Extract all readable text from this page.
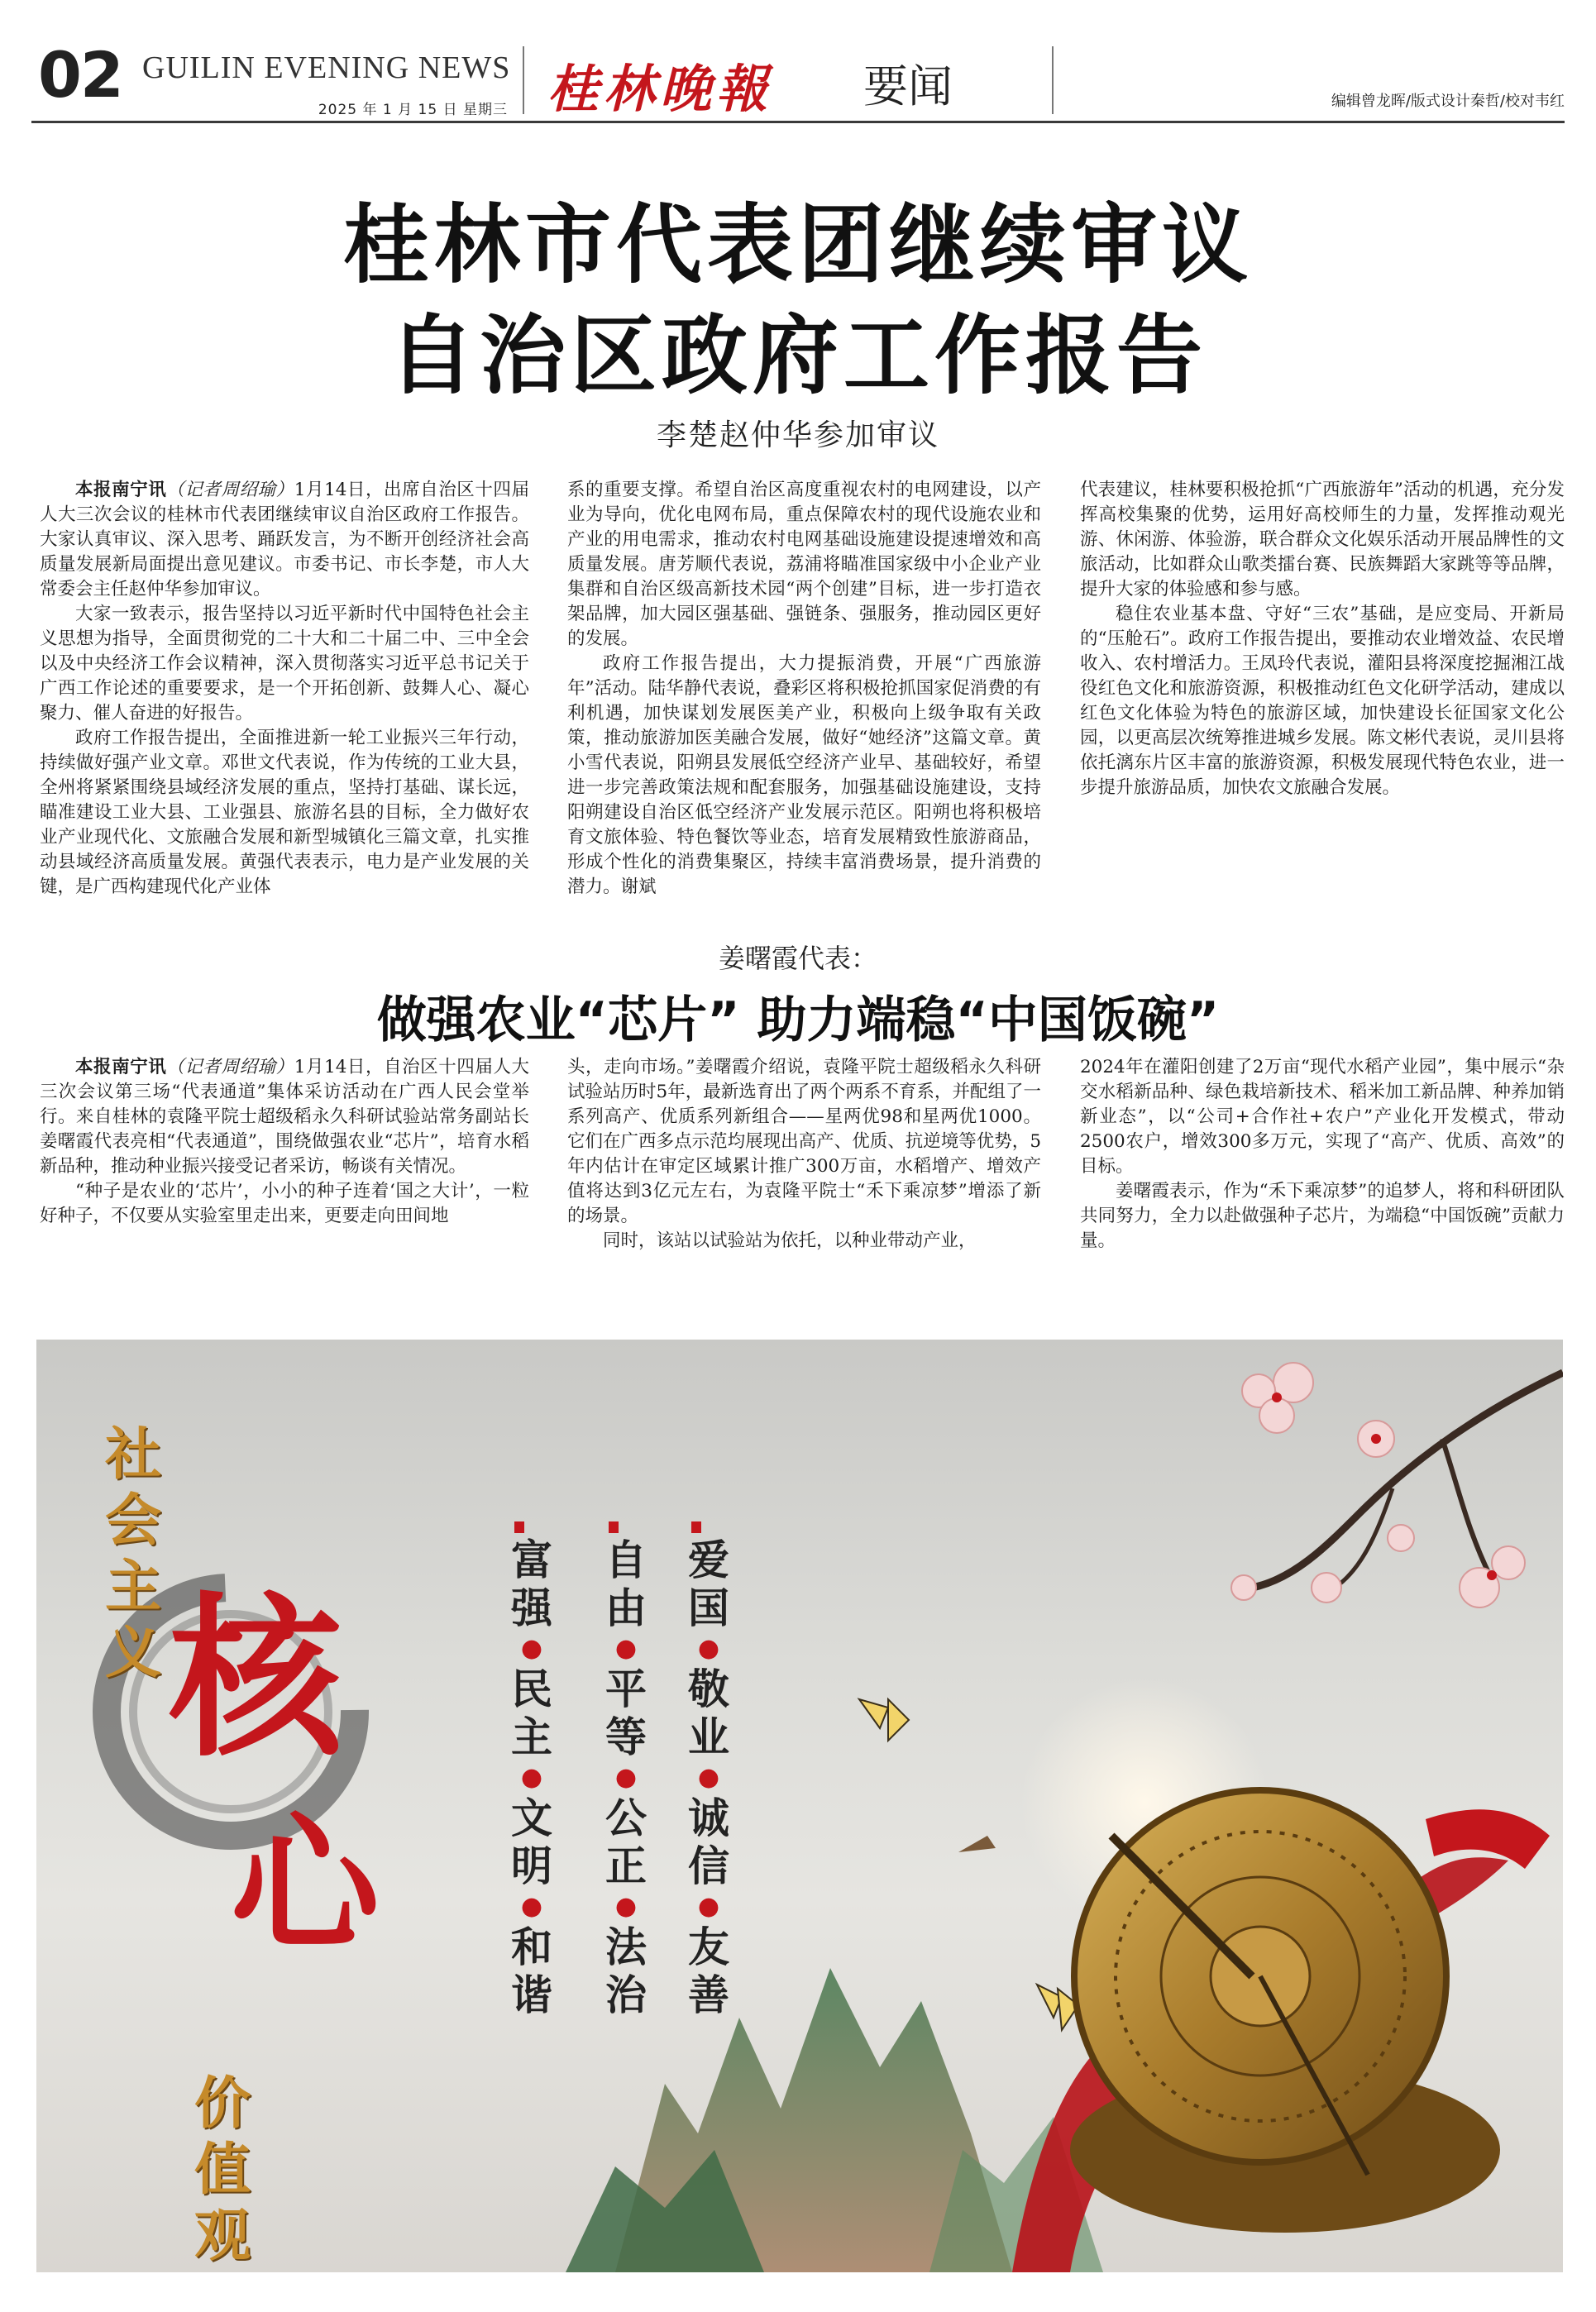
02 GUILIN EVENING NEWS
2025 年 1 月 15 日 星期三 桂林晚報 要闻	编辑曾龙晖/版式设计秦哲/校对韦红
桂林市代表团继续审议
自治区政府工作报告
李楚赵仲华参加审议

本报南宁讯（记者周绍瑜）1月14日，出席自治区十四届人大三次会议的桂林市代表团继续审议自治区政府工作报告。大家认真审议、深入思考、踊跃发言，为不断开创经济社会高质量发展新局面提出意见建议。市委书记、市长李楚，市人大常委会主任赵仲华参加审议。

大家一致表示，报告坚持以习近平新时代中国特色社会主义思想为指导，全面贯彻党的二十大和二十届二中、三中全会以及中央经济工作会议精神，深入贯彻落实习近平总书记关于广西工作论述的重要要求，是一个开拓创新、鼓舞人心、凝心聚力、催人奋进的好报告。

政府工作报告提出，全面推进新一轮工业振兴三年行动，持续做好强产业文章。邓世文代表说，作为传统的工业大县，全州将紧紧围绕县域经济发展的重点，坚持打基础、谋长远，瞄准建设工业大县、工业强县、旅游名县的目标，全力做好农业产业现代化、文旅融合发展和新型城镇化三篇文章，扎实推动县域经济高质量发展。黄强代表表示，电力是产业发展的关键，是广西构建现代化产业体

系的重要支撑。希望自治区高度重视农村的电网建设，以产业为导向，优化电网布局，重点保障农村的现代设施农业和产业的用电需求，推动农村电网基础设施建设提速增效和高质量发展。唐芳顺代表说，荔浦将瞄准国家级中小企业产业集群和自治区级高新技术园“两个创建”目标，进一步打造衣架品牌，加大园区强基础、强链条、强服务，推动园区更好的发展。

政府工作报告提出，大力提振消费，开展“广西旅游年”活动。陆华静代表说，叠彩区将积极抢抓国家促消费的有利机遇，加快谋划发展医美产业，积极向上级争取有关政策，推动旅游加医美融合发展，做好“她经济”这篇文章。黄小雪代表说，阳朔县发展低空经济产业早、基础较好，希望进一步完善政策法规和配套服务，加强基础设施建设，支持阳朔建设自治区低空经济产业发展示范区。阳朔也将积极培育文旅体验、特色餐饮等业态，培育发展精致性旅游商品，形成个性化的消费集聚区，持续丰富消费场景，提升消费的潜力。谢斌

代表建议，桂林要积极抢抓“广西旅游年”活动的机遇，充分发挥高校集聚的优势，运用好高校师生的力量，发挥推动观光游、休闲游、体验游，联合群众文化娱乐活动开展品牌性的文旅活动，比如群众山歌类擂台赛、民族舞蹈大家跳等等品牌，提升大家的体验感和参与感。

稳住农业基本盘、守好“三农”基础，是应变局、开新局的“压舱石”。政府工作报告提出，要推动农业增效益、农民增收入、农村增活力。王凤玲代表说，灌阳县将深度挖掘湘江战役红色文化和旅游资源，积极推动红色文化研学活动，建成以红色文化体验为特色的旅游区域，加快建设长征国家文化公园，以更高层次统筹推进城乡发展。陈文彬代表说，灵川县将依托漓东片区丰富的旅游资源，积极发展现代特色农业，进一步提升旅游品质，加快农文旅融合发展。

姜曙霞代表：
做强农业“芯片” 助力端稳“中国饭碗”

本报南宁讯（记者周绍瑜）1月14日，自治区十四届人大三次会议第三场“代表通道”集体采访活动在广西人民会堂举行。来自桂林的袁隆平院士超级稻永久科研试验站常务副站长姜曙霞代表亮相“代表通道”，围绕做强农业“芯片”，培育水稻新品种，推动种业振兴接受记者采访，畅谈有关情况。

“种子是农业的‘芯片’，小小的种子连着‘国之大计’，一粒好种子，不仅要从实验室里走出来，更要走向田间地

头，走向市场。”姜曙霞介绍说，袁隆平院士超级稻永久科研试验站历时5年，最新选育出了两个两系不育系，并配组了一系列高产、优质系列新组合——星两优98和星两优1000。它们在广西多点示范均展现出高产、优质、抗逆境等优势，5年内估计在审定区域累计推广300万亩，水稻增产、增效产值将达到3亿元左右，为袁隆平院士“禾下乘凉梦”增添了新的场景。

同时，该站以试验站为依托，以种业带动产业，

2024年在灌阳创建了2万亩“现代水稻产业园”，集中展示“杂交水稻新品种、绿色栽培新技术、稻米加工新品牌、种养加销新业态”，以“公司+合作社+农户”产业化开发模式，带动2500农户，增效300多万元，实现了“高产、优质、高效”的目标。

姜曙霞表示，作为“禾下乘凉梦”的追梦人，将和科研团队共同努力，全力以赴做强种子芯片，为端稳“中国饭碗”贡献力量。

社
会
主
义 核
心
价
值
观
爱
国
●
敬
业
●
诚
信
●
友
善
自
由
●
平
等
●
公
正
●
法
治
富
强
●
民
主
●
文
明
●
和
谐
